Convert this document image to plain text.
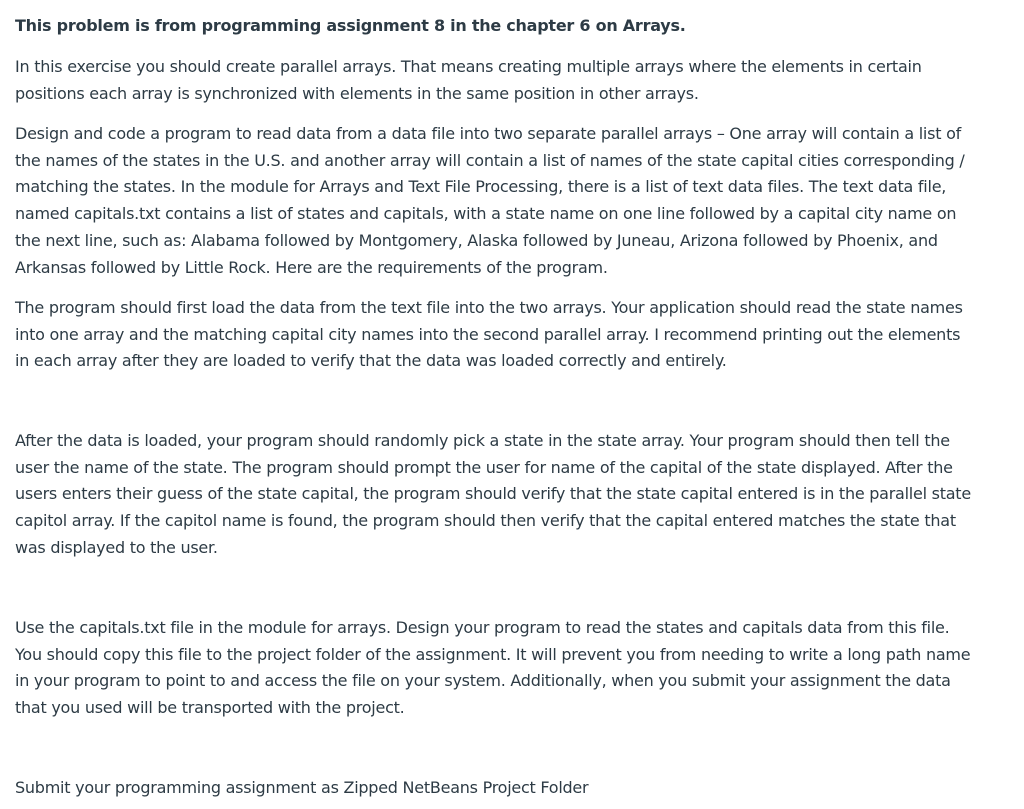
This problem is from programming assignment 8 in the chapter 6 on Arrays.

In this exercise you should create parallel arrays. That means creating multiple arrays where the elements in certain positions each array is synchronized with elements in the same position in other arrays.

Design and code a program to read data from a data file into two separate parallel arrays – One array will contain a list of the names of the states in the U.S. and another array will contain a list of names of the state capital cities corresponding / matching the states. In the module for Arrays and Text File Processing, there is a list of text data files. The text data file, named capitals.txt contains a list of states and capitals, with a state name on one line followed by a capital city name on the next line, such as: Alabama followed by Montgomery, Alaska followed by Juneau, Arizona followed by Phoenix, and Arkansas followed by Little Rock. Here are the requirements of the program.

The program should first load the data from the text file into the two arrays. Your application should read the state names into one array and the matching capital city names into the second parallel array. I recommend printing out the elements in each array after they are loaded to verify that the data was loaded correctly and entirely.

After the data is loaded, your program should randomly pick a state in the state array. Your program should then tell the user the name of the state. The program should prompt the user for name of the capital of the state displayed. After the users enters their guess of the state capital, the program should verify that the state capital entered is in the parallel state capitol array. If the capitol name is found, the program should then verify that the capital entered matches the state that was displayed to the user.

Use the capitals.txt file in the module for arrays. Design your program to read the states and capitals data from this file. You should copy this file to the project folder of the assignment. It will prevent you from needing to write a long path name in your program to point to and access the file on your system. Additionally, when you submit your assignment the data that you used will be transported with the project.

Submit your programming assignment as Zipped NetBeans Project Folder
